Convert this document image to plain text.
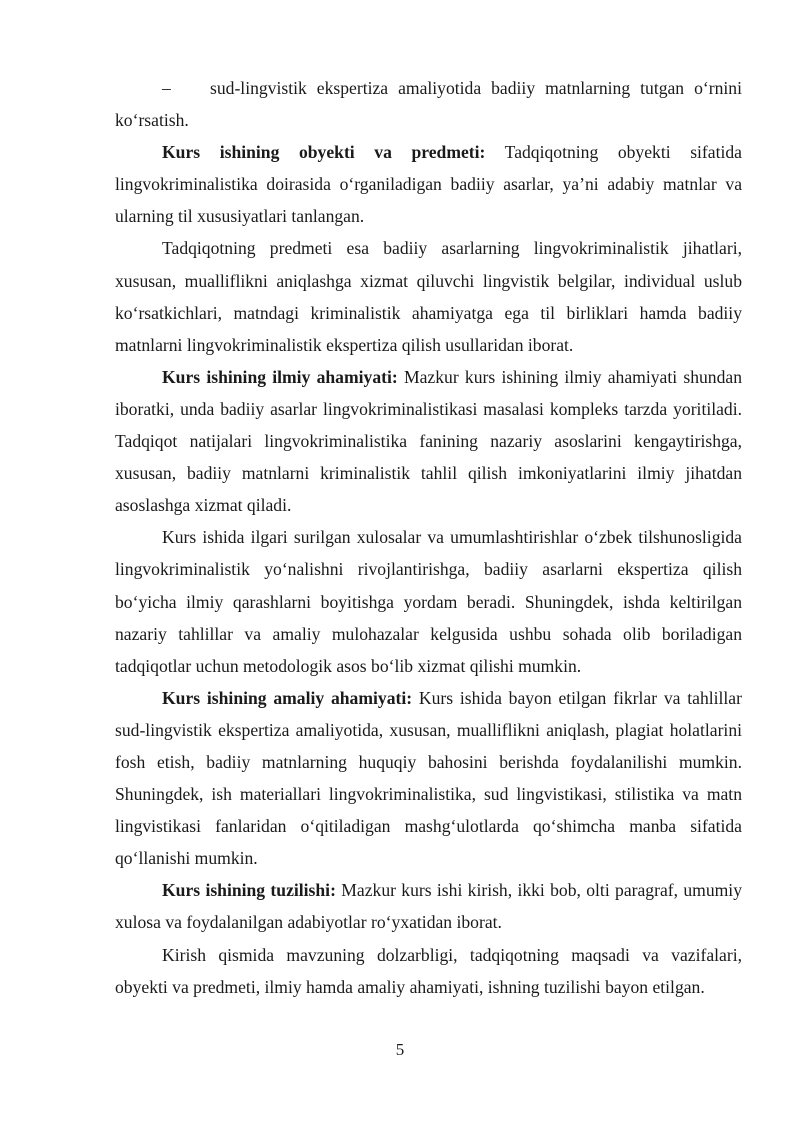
– sud-lingvistik ekspertiza amaliyotida badiiy matnlarning tutgan o‘rnini ko‘rsatish.

Kurs ishining obyekti va predmeti: Tadqiqotning obyekti sifatida lingvokriminalistika doirasida o‘rganiladigan badiiy asarlar, ya’ni adabiy matnlar va ularning til xususiyatlari tanlangan.

Tadqiqotning predmeti esa badiiy asarlarning lingvokriminalistik jihatlari, xususan, mualliflikni aniqlashga xizmat qiluvchi lingvistik belgilar, individual uslub ko‘rsatkichlari, matndagi kriminalistik ahamiyatga ega til birliklari hamda badiiy matnlarni lingvokriminalistik ekspertiza qilish usullaridan iborat.

Kurs ishining ilmiy ahamiyati: Mazkur kurs ishining ilmiy ahamiyati shundan iboratki, unda badiiy asarlar lingvokriminalistikasi masalasi kompleks tarzda yoritiladi. Tadqiqot natijalari lingvokriminalistika fanining nazariy asoslarini kengaytirishga, xususan, badiiy matnlarni kriminalistik tahlil qilish imkoniyatlarini ilmiy jihatdan asoslashga xizmat qiladi.

Kurs ishida ilgari surilgan xulosalar va umumlashtirishlar o‘zbek tilshunosligida lingvokriminalistik yo‘nalishni rivojlantirishga, badiiy asarlarni ekspertiza qilish bo‘yicha ilmiy qarashlarni boyitishga yordam beradi. Shuningdek, ishda keltirilgan nazariy tahlillar va amaliy mulohazalar kelgusida ushbu sohada olib boriladigan tadqiqotlar uchun metodologik asos bo‘lib xizmat qilishi mumkin.

Kurs ishining amaliy ahamiyati: Kurs ishida bayon etilgan fikrlar va tahlillar sud-lingvistik ekspertiza amaliyotida, xususan, mualliflikni aniqlash, plagiat holatlarini fosh etish, badiiy matnlarning huquqiy bahosini berishda foydalanilishi mumkin. Shuningdek, ish materiallari lingvokriminalistika, sud lingvistikasi, stilistika va matn lingvistikasi fanlaridan o‘qitiladigan mashg‘ulotlarda qo‘shimcha manba sifatida qo‘llanishi mumkin.

Kurs ishining tuzilishi: Mazkur kurs ishi kirish, ikki bob, olti paragraf, umumiy xulosa va foydalanilgan adabiyotlar ro‘yxatidan iborat.

Kirish qismida mavzuning dolzarbligi, tadqiqotning maqsadi va vazifalari, obyekti va predmeti, ilmiy hamda amaliy ahamiyati, ishning tuzilishi bayon etilgan.

5
